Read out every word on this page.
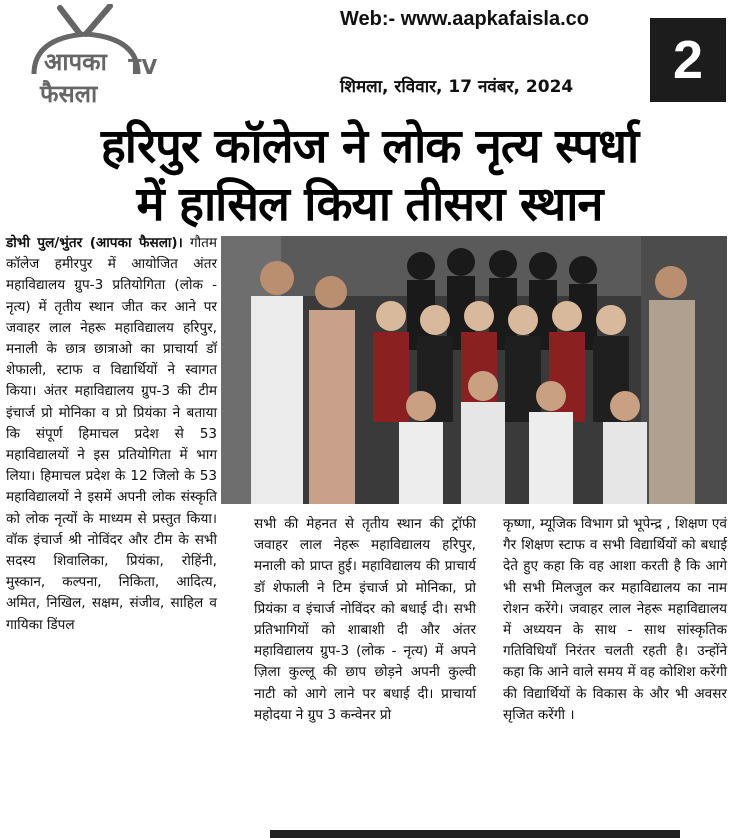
आपका TV
फैसला
Web:- www.aapkafaisla.co
शिमला, रविवार, 17 नवंबर, 2024	2
हरिपुर कॉलेज ने लोक नृत्य स्पर्धा
में हासिल किया तीसरा स्थान
डोभी पुल/भुंतर (आपका फैसला)। गौतम कॉलेज हमीरपुर में आयोजित अंतर महाविद्यालय ग्रुप-3 प्रतियोगिता (लोक - नृत्य) में तृतीय स्थान जीत कर आने पर जवाहर लाल नेहरू महाविद्यालय हरिपुर, मनाली के छात्र छात्राओ का प्राचार्या डॉ शेफाली, स्टाफ व विद्यार्थियों ने स्वागत किया। अंतर महाविद्यालय ग्रुप-3 की टीम इंचार्ज प्रो मोनिका व प्रो प्रियंका ने बताया कि संपूर्ण हिमाचल प्रदेश से 53 महाविद्यालयों ने इस प्रतियोगिता में भाग लिया। हिमाचल प्रदेश के 12 जिलो के 53 महाविद्यालयों ने इसमें अपनी लोक संस्कृति को लोक नृत्यों के माध्यम से प्रस्तुत किया। वॉक इंचार्ज श्री नोविंदर और टीम के सभी सदस्य शिवालिका, प्रियंका, रोहिंनी, मुस्कान, कल्पना, निकिता, आदित्य, अमित, निखिल, सक्षम, संजीव, साहिल व गायिका डिंपल
सभी की मेहनत से तृतीय स्थान की ट्रॉफी जवाहर लाल नेहरू महाविद्यालय हरिपुर, मनाली को प्राप्त हुई। महाविद्यालय की प्राचार्य डॉ शेफाली ने टिम इंचार्ज प्रो मोनिका, प्रो प्रियंका व इंचार्ज नोविंदर को बधाई दी। सभी प्रतिभागियों को शाबाशी दी और अंतर महाविद्यालय ग्रुप-3 (लोक - नृत्य) में अपने ज़िला कुल्लू की छाप छोड़ने अपनी कुल्वी नाटी को आगे लाने पर बधाई दी। प्राचार्या महोदया ने ग्रुप 3 कन्वेनर प्रो
कृष्णा, म्यूजिक विभाग प्रो भूपेन्द्र , शिक्षण एवं गैर शिक्षण स्टाफ व सभी विद्यार्थियों को बधाई देते हुए कहा कि वह आशा करती है कि आगे भी सभी मिलजुल कर महाविद्यालय का नाम रोशन करेंगे। जवाहर लाल नेहरू महाविद्यालय में अध्ययन के साथ - साथ सांस्कृतिक गतिविधियाँ निरंतर चलती रहती है। उन्होंने कहा कि आने वाले समय में वह कोशिश करेंगी की विद्यार्थियों के विकास के और भी अवसर सृजित करेंगी ।
